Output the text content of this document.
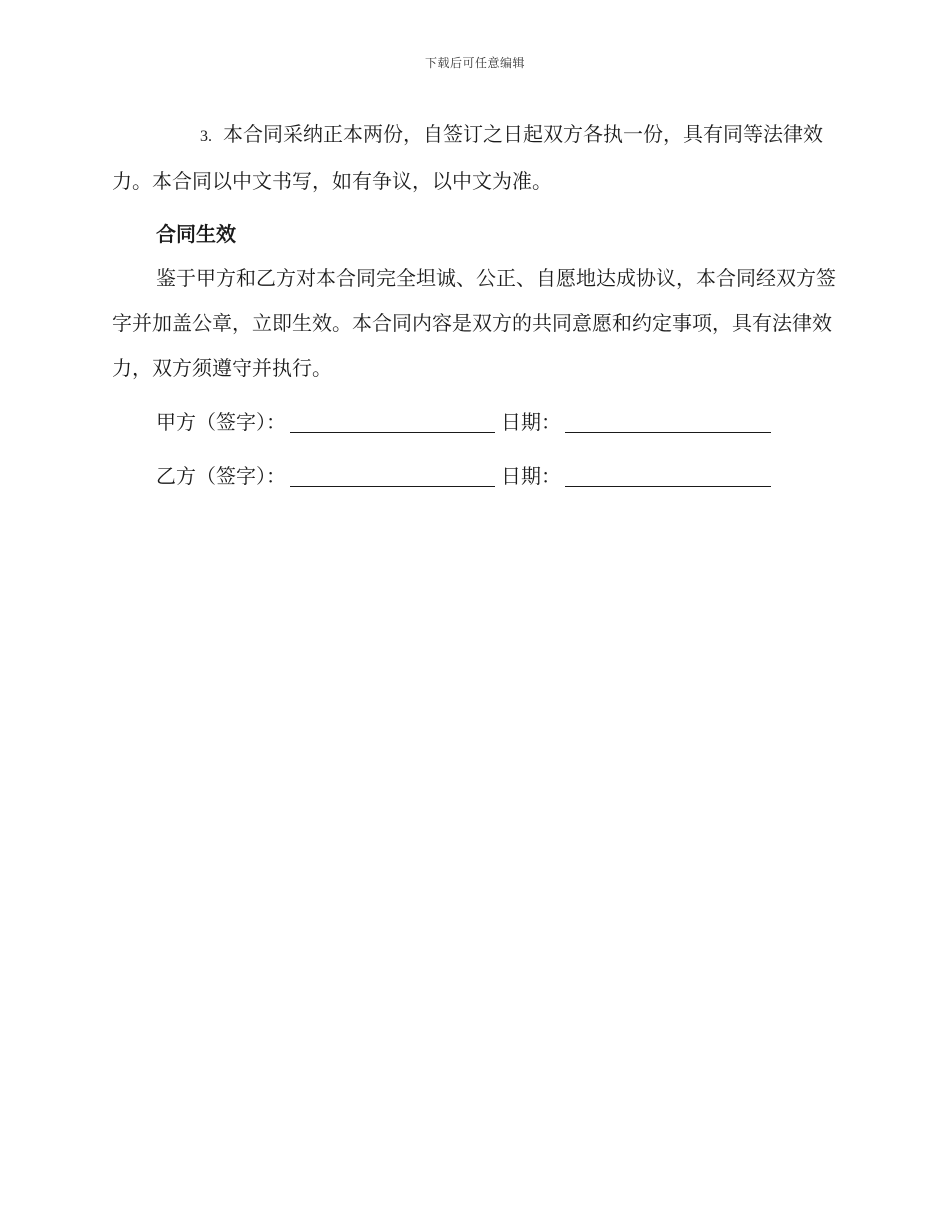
下载后可任意编辑

3. 本合同采纳正本两份，自签订之日起双方各执一份，具有同等法律效力。本合同以中文书写，如有争议，以中文为准。

合同生效

鉴于甲方和乙方对本合同完全坦诚、公正、自愿地达成协议，本合同经双方签字并加盖公章，立即生效。本合同内容是双方的共同意愿和约定事项，具有法律效力，双方须遵守并执行。

甲方（签字）：	日期：

乙方（签字）：	日期：
